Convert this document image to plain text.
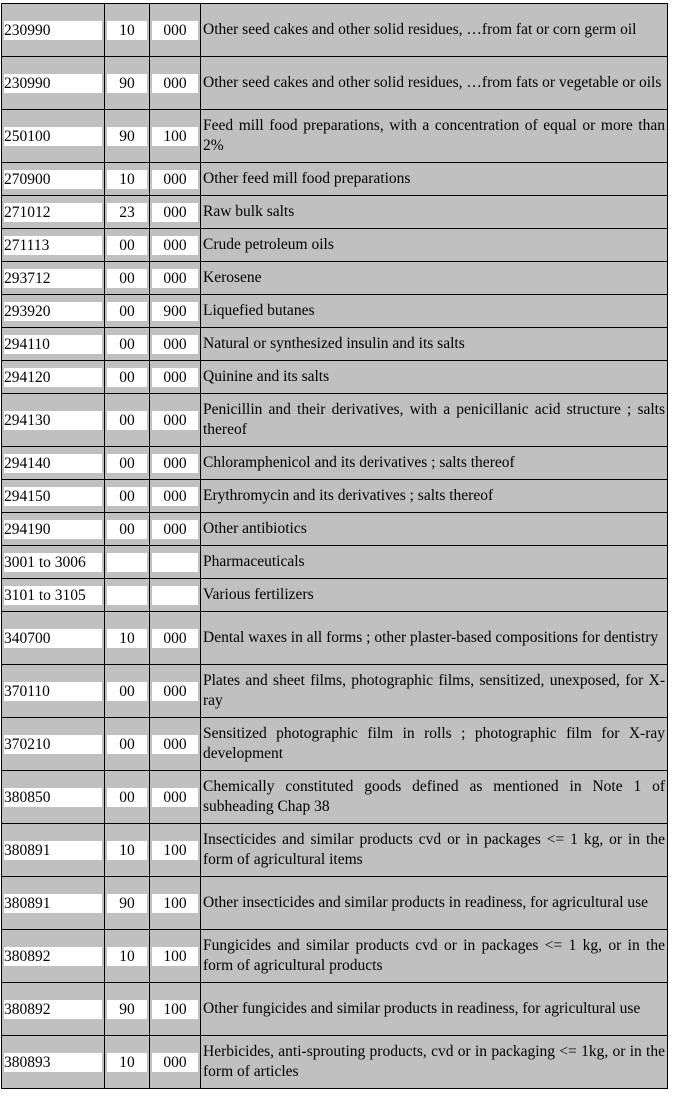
230990	10	000	Other seed cakes and other solid residues, …from fat or corn germ oil

230990	90	000	Other seed cakes and other solid residues, …from fats or vegetable or oils

250100	90	100	Feed mill food preparations, with a concentration of equal or more than 2%

270900	10	000	Other feed mill food preparations

271012	23	000	Raw bulk salts

271113	00	000	Crude petroleum oils

293712	00	000	Kerosene

293920	00	900	Liquefied butanes

294110	00	000	Natural or synthesized insulin and its salts

294120	00	000	Quinine and its salts

294130	00	000	Penicillin and their derivatives, with a penicillanic acid structure ; salts thereof

294140	00	000	Chloramphenicol and its derivatives ; salts thereof

294150	00	000	Erythromycin and its derivatives ; salts thereof

294190	00	000	Other antibiotics

3001 to 3006			Pharmaceuticals

3101 to 3105			Various fertilizers

340700	10	000	Dental waxes in all forms ; other plaster-based compositions for dentistry

370110	00	000	Plates and sheet films, photographic films, sensitized, unexposed, for X-ray

370210	00	000	Sensitized photographic film in rolls ; photographic film for X-ray development

380850	00	000	Chemically constituted goods defined as mentioned in Note 1 of subheading Chap 38

380891	10	100	Insecticides and similar products cvd or in packages <= 1 kg, or in the form of agricultural items

380891	90	100	Other insecticides and similar products in readiness, for agricultural use

380892	10	100	Fungicides and similar products cvd or in packages <= 1 kg, or in the form of agricultural products

380892	90	100	Other fungicides and similar products in readiness, for agricultural use

380893	10	000	Herbicides, anti-sprouting products, cvd or in packaging <= 1kg, or in the form of articles
